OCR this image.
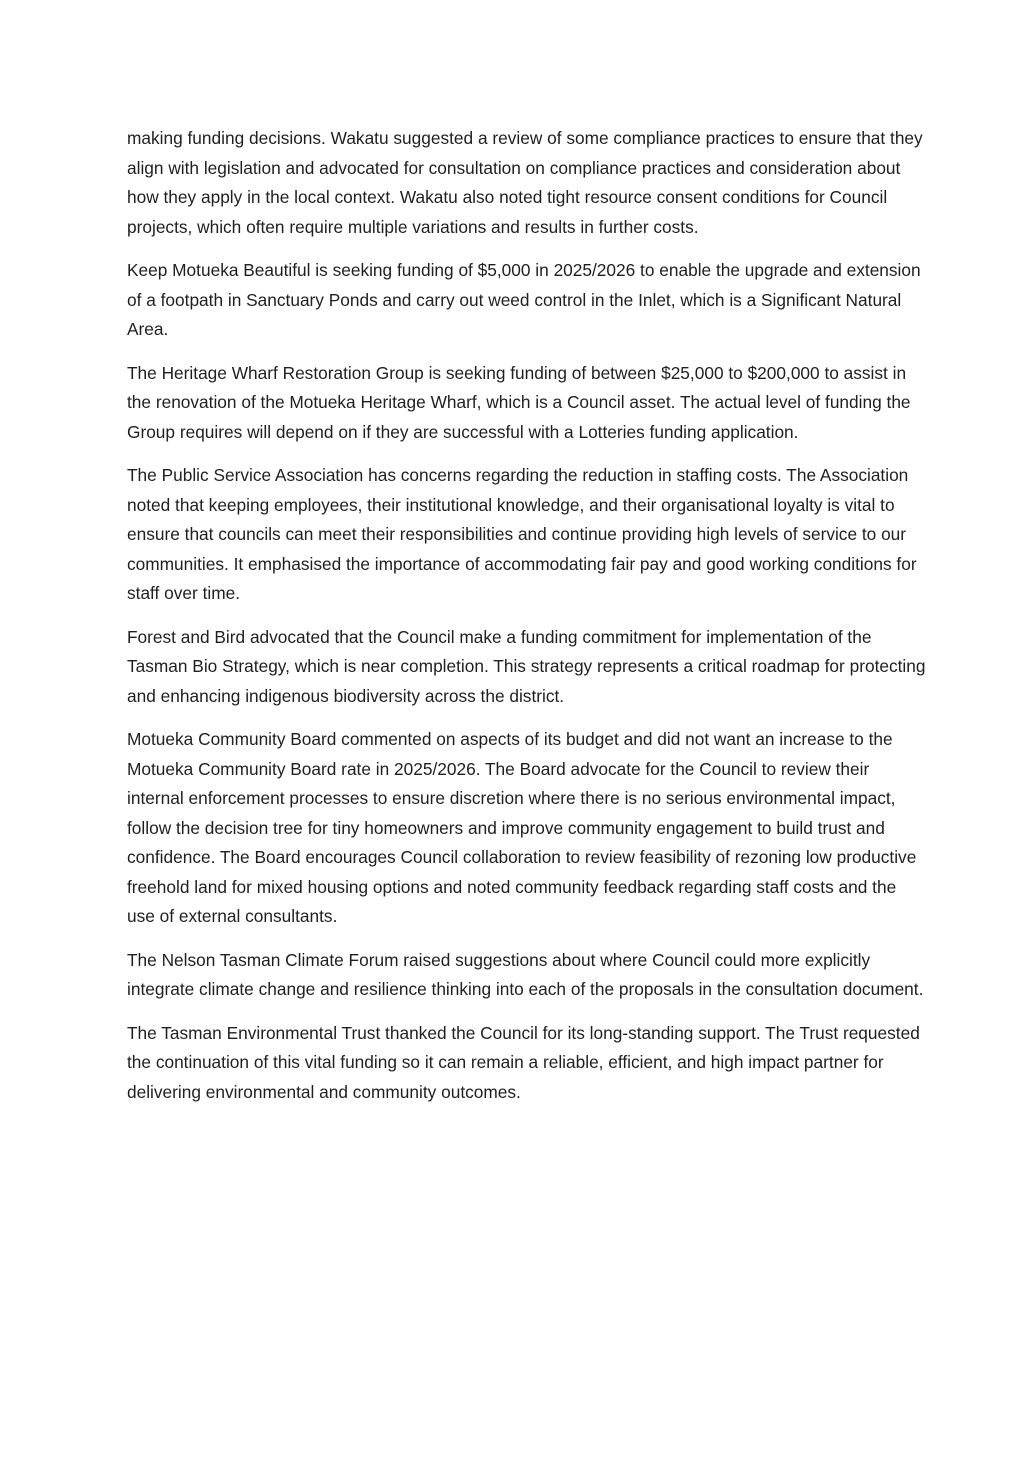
making funding decisions. Wakatu suggested a review of some compliance practices to ensure that they align with legislation and advocated for consultation on compliance practices and consideration about how they apply in the local context. Wakatu also noted tight resource consent conditions for Council projects, which often require multiple variations and results in further costs.

Keep Motueka Beautiful is seeking funding of $5,000 in 2025/2026 to enable the upgrade and extension of a footpath in Sanctuary Ponds and carry out weed control in the Inlet, which is a Significant Natural Area.

The Heritage Wharf Restoration Group is seeking funding of between $25,000 to $200,000 to assist in the renovation of the Motueka Heritage Wharf, which is a Council asset. The actual level of funding the Group requires will depend on if they are successful with a Lotteries funding application.

The Public Service Association has concerns regarding the reduction in staffing costs. The Association noted that keeping employees, their institutional knowledge, and their organisational loyalty is vital to ensure that councils can meet their responsibilities and continue providing high levels of service to our communities. It emphasised the importance of accommodating fair pay and good working conditions for staff over time.

Forest and Bird advocated that the Council make a funding commitment for implementation of the Tasman Bio Strategy, which is near completion. This strategy represents a critical roadmap for protecting and enhancing indigenous biodiversity across the district.

Motueka Community Board commented on aspects of its budget and did not want an increase to the Motueka Community Board rate in 2025/2026. The Board advocate for the Council to review their internal enforcement processes to ensure discretion where there is no serious environmental impact, follow the decision tree for tiny homeowners and improve community engagement to build trust and confidence. The Board encourages Council collaboration to review feasibility of rezoning low productive freehold land for mixed housing options and noted community feedback regarding staff costs and the use of external consultants.

The Nelson Tasman Climate Forum raised suggestions about where Council could more explicitly integrate climate change and resilience thinking into each of the proposals in the consultation document.

The Tasman Environmental Trust thanked the Council for its long-standing support. The Trust requested the continuation of this vital funding so it can remain a reliable, efficient, and high impact partner for delivering environmental and community outcomes.
